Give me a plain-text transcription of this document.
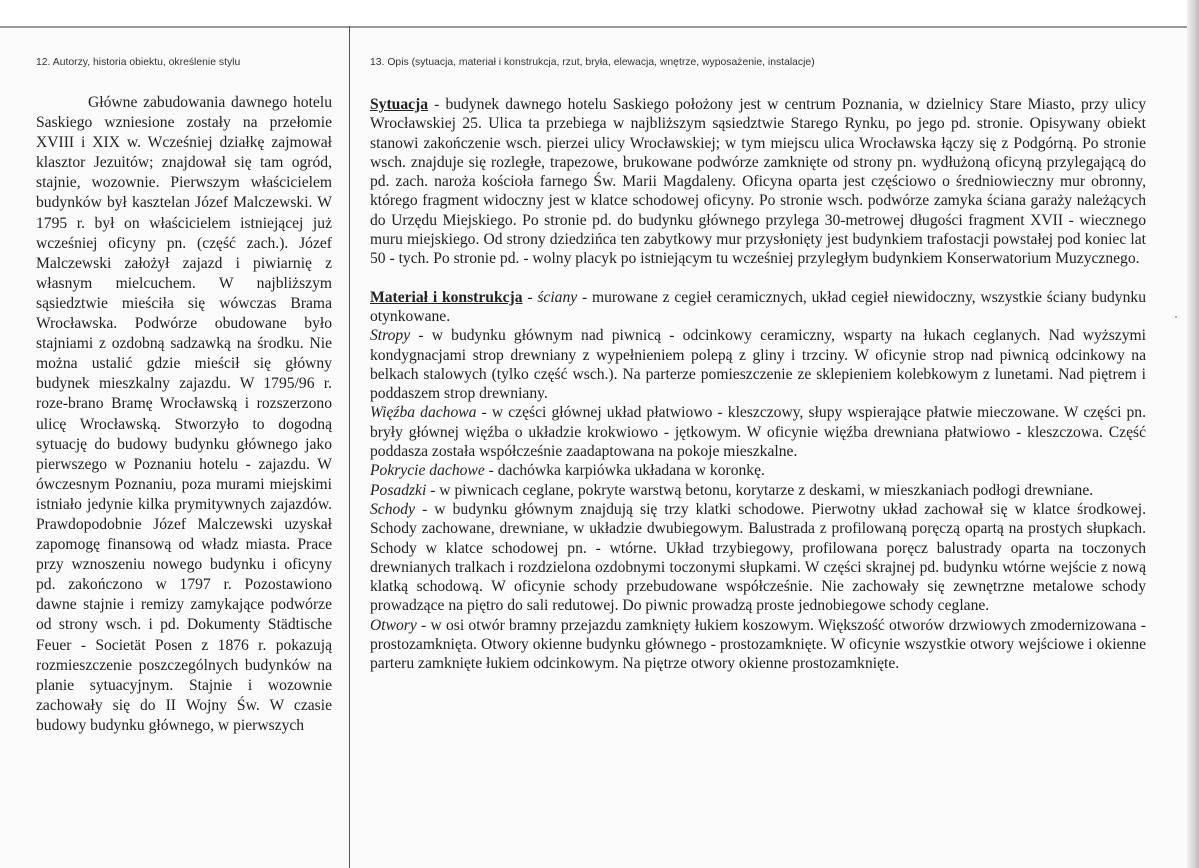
12. Autorzy, historia obiektu, określenie stylu	13. Opis (sytuacja, materiał i konstrukcja, rzut, bryła, elewacja, wnętrze, wyposażenie, instalacje)
Główne zabudowania dawnego hotelu Saskiego wzniesione zostały na przełomie XVIII i XIX w. Wcześniej działkę zajmował klasztor Jezuitów; znajdował się tam ogród, stajnie, wozownie. Pierwszym właścicielem budynków był kasztelan Józef Malczewski. W 1795 r. był on właścicielem istniejącej już wcześniej oficyny pn. (część zach.). Józef Malczewski założył zajazd i piwiarnię z własnym mielcuchem. W najbliższym sąsiedztwie mieściła się wówczas Brama Wrocławska. Podwórze obudowane było stajniami z ozdobną sadzawką na środku. Nie można ustalić gdzie mieścił się główny budynek mieszkalny zajazdu. W 1795/96 r. roze-brano Bramę Wrocławską i rozszerzono ulicę Wrocławską. Stworzyło to dogodną sytuację do budowy budynku głównego jako pierwszego w Poznaniu hotelu - zajazdu. W ówczesnym Poznaniu, poza murami miejskimi istniało jedynie kilka prymitywnych zajazdów. Prawdopodobnie Józef Malczewski uzyskał zapomogę finansową od władz miasta. Prace przy wznoszeniu nowego budynku i oficyny pd. zakończono w 1797 r. Pozostawiono dawne stajnie i remizy zamykające podwórze od strony wsch. i pd. Dokumenty Städtische Feuer - Societät Posen z 1876 r. pokazują rozmieszczenie poszczególnych budynków na planie sytuacyjnym. Stajnie i wozownie zachowały się do II Wojny Św. W czasie budowy budynku głównego, w pierwszych

Sytuacja - budynek dawnego hotelu Saskiego położony jest w centrum Poznania, w dzielnicy Stare Miasto, przy ulicy Wrocławskiej 25. Ulica ta przebiega w najbliższym sąsiedztwie Starego Rynku, po jego pd. stronie. Opisywany obiekt stanowi zakończenie wsch. pierzei ulicy Wrocławskiej; w tym miejscu ulica Wrocławska łączy się z Podgórną. Po stronie wsch. znajduje się rozległe, trapezowe, brukowane podwórze zamknięte od strony pn. wydłużoną oficyną przylegającą do pd. zach. naroża kościoła farnego Św. Marii Magdaleny. Oficyna oparta jest częściowo o średniowieczny mur obronny, którego fragment widoczny jest w klatce schodowej oficyny. Po stronie wsch. podwórze zamyka ściana garaży należących do Urzędu Miejskiego. Po stronie pd. do budynku głównego przylega 30-metrowej długości fragment XVII - wiecznego muru miejskiego. Od strony dziedzińca ten zabytkowy mur przysłonięty jest budynkiem trafostacji powstałej pod koniec lat 50 - tych. Po stronie pd. - wolny placyk po istniejącym tu wcześniej przyległym budynkiem Konserwatorium Muzycznego.

Materiał i konstrukcja - ściany - murowane z cegieł ceramicznych, układ cegieł niewidoczny, wszystkie ściany budynku otynkowane.

Stropy - w budynku głównym nad piwnicą - odcinkowy ceramiczny, wsparty na łukach ceglanych. Nad wyższymi kondygnacjami strop drewniany z wypełnieniem polepą z gliny i trzciny. W oficynie strop nad piwnicą odcinkowy na belkach stalowych (tylko część wsch.). Na parterze pomieszczenie ze sklepieniem kolebkowym z lunetami. Nad piętrem i poddaszem strop drewniany.

Więźba dachowa - w części głównej układ płatwiowo - kleszczowy, słupy wspierające płatwie mieczowane. W części pn. bryły głównej więźba o układzie krokwiowo - jętkowym. W oficynie więźba drewniana płatwiowo - kleszczowa. Część poddasza została współcześnie zaadaptowana na pokoje mieszkalne.

Pokrycie dachowe - dachówka karpiówka układana w koronkę.

Posadzki - w piwnicach ceglane, pokryte warstwą betonu, korytarze z deskami, w mieszkaniach podłogi drewniane.

Schody - w budynku głównym znajdują się trzy klatki schodowe. Pierwotny układ zachował się w klatce środkowej. Schody zachowane, drewniane, w układzie dwubiegowym. Balustrada z profilowaną poręczą opartą na prostych słupkach. Schody w klatce schodowej pn. - wtórne. Układ trzybiegowy, profilowana poręcz balustrady oparta na toczonych drewnianych tralkach i rozdzielona ozdobnymi toczonymi słupkami. W części skrajnej pd. budynku wtórne wejście z nową klatką schodową. W oficynie schody przebudowane współcześnie. Nie zachowały się zewnętrzne metalowe schody prowadzące na piętro do sali redutowej. Do piwnic prowadzą proste jednobiegowe schody ceglane.

Otwory - w osi otwór bramny przejazdu zamknięty łukiem koszowym. Większość otworów drzwiowych zmodernizowana - prostozamknięta. Otwory okienne budynku głównego - prostozamknięte. W oficynie wszystkie otwory wejściowe i okienne parteru zamknięte łukiem odcinkowym. Na piętrze otwory okienne prostozamknięte.
